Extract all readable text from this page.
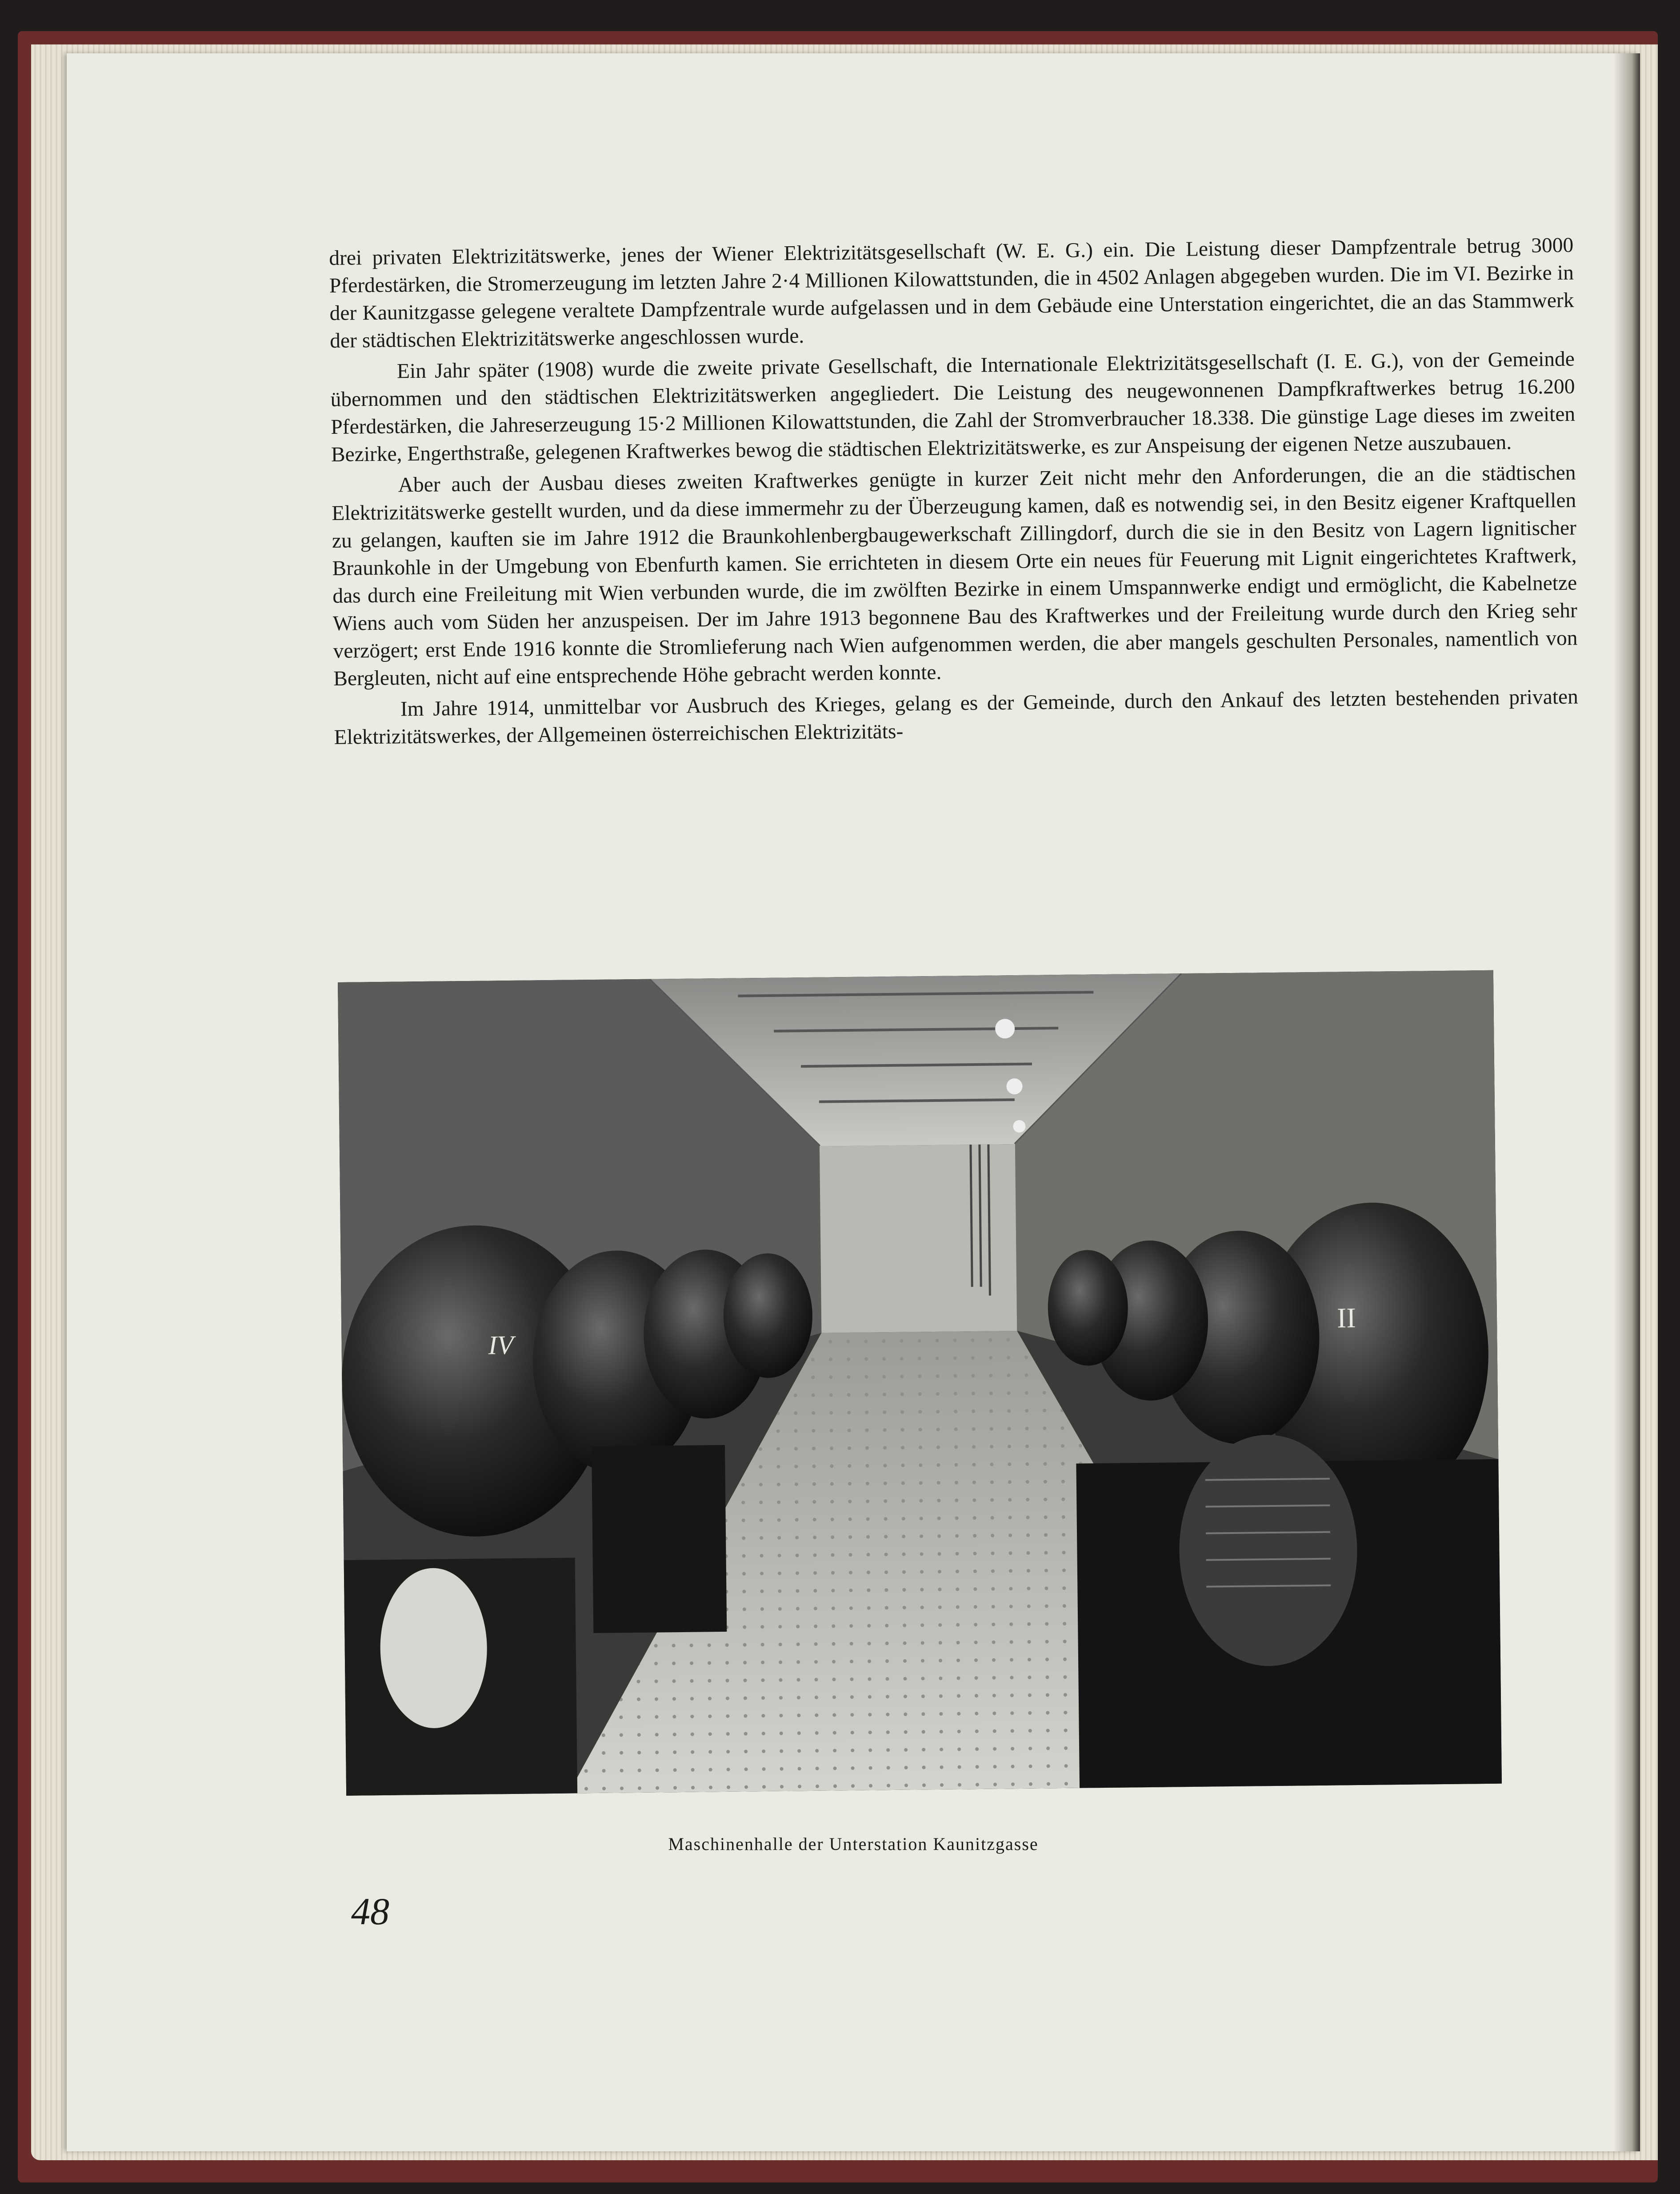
drei privaten Elektrizitätswerke, jenes der Wiener Elektrizitätsgesellschaft (W. E. G.) ein. Die Leistung dieser Dampfzentrale betrug 3000 Pferdestärken, die Stromerzeugung im letzten Jahre 2·4 Millionen Kilowattstunden, die in 4502 Anlagen abgegeben wurden. Die im VI. Bezirke in der Kaunitzgasse gelegene veraltete Dampfzentrale wurde aufgelassen und in dem Gebäude eine Unterstation eingerichtet, die an das Stammwerk der städtischen Elektrizitätswerke angeschlossen wurde.

Ein Jahr später (1908) wurde die zweite private Gesellschaft, die Internationale Elektrizitätsgesellschaft (I. E. G.), von der Gemeinde übernommen und den städtischen Elektrizitätswerken angegliedert. Die Leistung des neugewonnenen Dampfkraftwerkes betrug 16.200 Pferdestärken, die Jahreserzeugung 15·2 Millionen Kilowattstunden, die Zahl der Stromverbraucher 18.338. Die günstige Lage dieses im zweiten Bezirke, Engerthstraße, gelegenen Kraftwerkes bewog die städtischen Elektrizitätswerke, es zur Anspeisung der eigenen Netze auszubauen.

Aber auch der Ausbau dieses zweiten Kraftwerkes genügte in kurzer Zeit nicht mehr den Anforderungen, die an die städtischen Elektrizitätswerke gestellt wurden, und da diese immermehr zu der Überzeugung kamen, daß es notwendig sei, in den Besitz eigener Kraftquellen zu gelangen, kauften sie im Jahre 1912 die Braunkohlenbergbaugewerkschaft Zillingdorf, durch die sie in den Besitz von Lagern lignitischer Braunkohle in der Umgebung von Ebenfurth kamen. Sie errichteten in diesem Orte ein neues für Feuerung mit Lignit eingerichtetes Kraftwerk, das durch eine Freileitung mit Wien verbunden wurde, die im zwölften Bezirke in einem Umspannwerke endigt und ermöglicht, die Kabelnetze Wiens auch vom Süden her anzuspeisen. Der im Jahre 1913 begonnene Bau des Kraftwerkes und der Freileitung wurde durch den Krieg sehr verzögert; erst Ende 1916 konnte die Stromlieferung nach Wien aufgenommen werden, die aber mangels geschulten Personales, namentlich von Bergleuten, nicht auf eine entsprechende Höhe gebracht werden konnte.

Im Jahre 1914, unmittelbar vor Ausbruch des Krieges, gelang es der Gemeinde, durch den Ankauf des letzten bestehenden privaten Elektrizitätswerkes, der Allgemeinen österreichischen Elektrizitäts-

IV
II
Maschinenhalle der Unterstation Kaunitzgasse
48
